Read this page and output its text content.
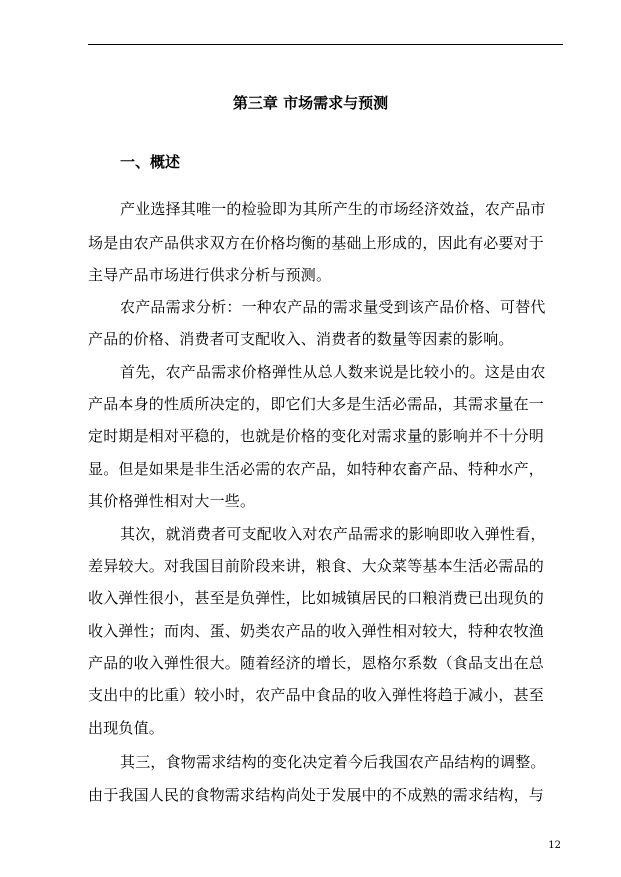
第三章 市场需求与预测
一、概述
产业选择其唯一的检验即为其所产生的市场经济效益，农产品市
场是由农产品供求双方在价格均衡的基础上形成的，因此有必要对于
主导产品市场进行供求分析与预测。
农产品需求分析：一种农产品的需求量受到该产品价格、可替代
产品的价格、消费者可支配收入、消费者的数量等因素的影响。
首先，农产品需求价格弹性从总人数来说是比较小的。这是由农
产品本身的性质所决定的，即它们大多是生活必需品，其需求量在一
定时期是相对平稳的，也就是价格的变化对需求量的影响并不十分明
显。但是如果是非生活必需的农产品，如特种农畜产品、特种水产，
其价格弹性相对大一些。
其次，就消费者可支配收入对农产品需求的影响即收入弹性看，
差异较大。对我国目前阶段来讲，粮食、大众菜等基本生活必需品的
收入弹性很小，甚至是负弹性，比如城镇居民的口粮消费已出现负的
收入弹性；而肉、蛋、奶类农产品的收入弹性相对较大，特种农牧渔
产品的收入弹性很大。随着经济的增长，恩格尔系数（食品支出在总
支出中的比重）较小时，农产品中食品的收入弹性将趋于减小，甚至
出现负值。
其三，食物需求结构的变化决定着今后我国农产品结构的调整。
由于我国人民的食物需求结构尚处于发展中的不成熟的需求结构，与
12
